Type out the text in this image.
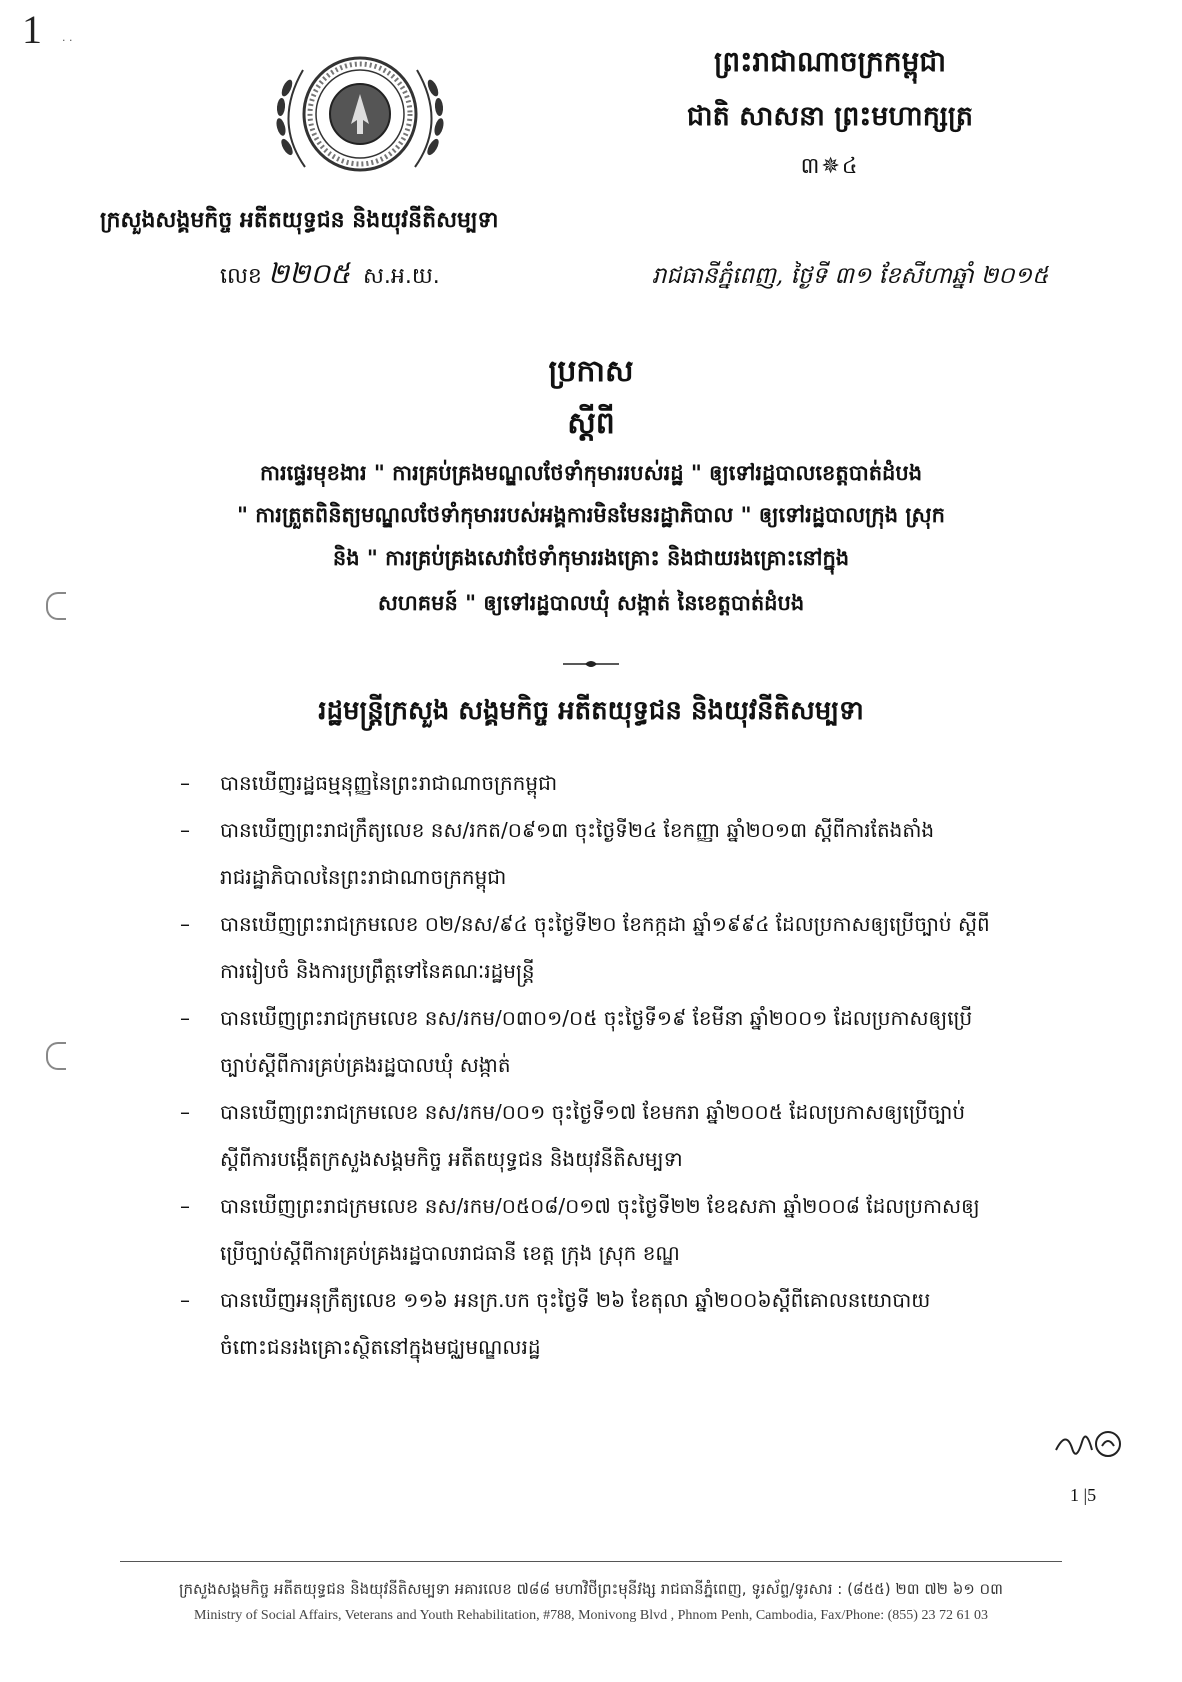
1 · ·
ព្រះរាជាណាចក្រកម្ពុជា
ជាតិ សាសនា ព្រះមហាក្សត្រ
៣✵៤
ក្រសួងសង្គមកិច្ច អតីតយុទ្ធជន និងយុវនីតិសម្បទា
លេខ ២២០៥ ស.អ.យ.	រាជធានីភ្នំពេញ, ថ្ងៃទី ៣១ ខែសីហាឆ្នាំ ២០១៥
ប្រកាស
ស្តីពី
ការផ្ទេរមុខងារ " ការគ្រប់គ្រងមណ្ឌលថែទាំកុមាររបស់រដ្ឋ " ឲ្យទៅរដ្ឋបាលខេត្តបាត់ដំបង
" ការត្រួតពិនិត្យមណ្ឌលថែទាំកុមាររបស់អង្គការមិនមែនរដ្ឋាភិបាល " ឲ្យទៅរដ្ឋបាលក្រុង ស្រុក
និង " ការគ្រប់គ្រងសេវាថែទាំកុមាររងគ្រោះ និងជាយរងគ្រោះនៅក្នុង
សហគមន៍ " ឲ្យទៅរដ្ឋបាលឃុំ សង្កាត់ នៃខេត្តបាត់ដំបង
រដ្ឋមន្ត្រីក្រសួង សង្គមកិច្ច អតីតយុទ្ធជន និងយុវនីតិសម្បទា
– បានឃើញរដ្ឋធម្មនុញ្ញនៃព្រះរាជាណាចក្រកម្ពុជា
– បានឃើញព្រះរាជក្រឹត្យលេខ នស/រកត/០៩១៣ ចុះថ្ងៃទី២៤ ខែកញ្ញា ឆ្នាំ២០១៣ ស្តីពីការតែងតាំង
រាជរដ្ឋាភិបាលនៃព្រះរាជាណាចក្រកម្ពុជា
– បានឃើញព្រះរាជក្រមលេខ ០២/នស/៩៤ ចុះថ្ងៃទី២០ ខែកក្កដា ឆ្នាំ១៩៩៤ ដែលប្រកាសឲ្យប្រើច្បាប់ ស្តីពី
ការរៀបចំ និងការប្រព្រឹត្តទៅនៃគណៈរដ្ឋមន្ត្រី
– បានឃើញព្រះរាជក្រមលេខ នស/រកម/០៣០១/០៥ ចុះថ្ងៃទី១៩ ខែមីនា ឆ្នាំ២០០១ ដែលប្រកាសឲ្យប្រើ
ច្បាប់ស្តីពីការគ្រប់គ្រងរដ្ឋបាលឃុំ សង្កាត់
– បានឃើញព្រះរាជក្រមលេខ នស/រកម/០០១ ចុះថ្ងៃទី១៧ ខែមករា ឆ្នាំ២០០៥ ដែលប្រកាសឲ្យប្រើច្បាប់
ស្តីពីការបង្កើតក្រសួងសង្គមកិច្ច អតីតយុទ្ធជន និងយុវនីតិសម្បទា
– បានឃើញព្រះរាជក្រមលេខ នស/រកម/០៥០៨/០១៧ ចុះថ្ងៃទី២២ ខែឧសភា ឆ្នាំ២០០៨ ដែលប្រកាសឲ្យ
ប្រើច្បាប់ស្តីពីការគ្រប់គ្រងរដ្ឋបាលរាជធានី ខេត្ត ក្រុង ស្រុក ខណ្ឌ
– បានឃើញអនុក្រឹត្យលេខ ១១៦ អនក្រ.បក ចុះថ្ងៃទី ២៦ ខែតុលា ឆ្នាំ២០០៦ស្តីពីគោលនយោបាយ
ចំពោះជនរងគ្រោះស្ថិតនៅក្នុងមជ្ឈមណ្ឌលរដ្ឋ
1 |5
ក្រសួងសង្គមកិច្ច អតីតយុទ្ធជន និងយុវនីតិសម្បទា អគារលេខ ៧៨៨ មហាវិថីព្រះមុនីវង្ស រាជធានីភ្នំពេញ, ទូរស័ព្ទ/ទូរសារ : (៨៥៥) ២៣ ៧២ ៦១ ០៣
Ministry of Social Affairs, Veterans and Youth Rehabilitation, #788, Monivong Blvd , Phnom Penh, Cambodia, Fax/Phone: (855) 23 72 61 03
